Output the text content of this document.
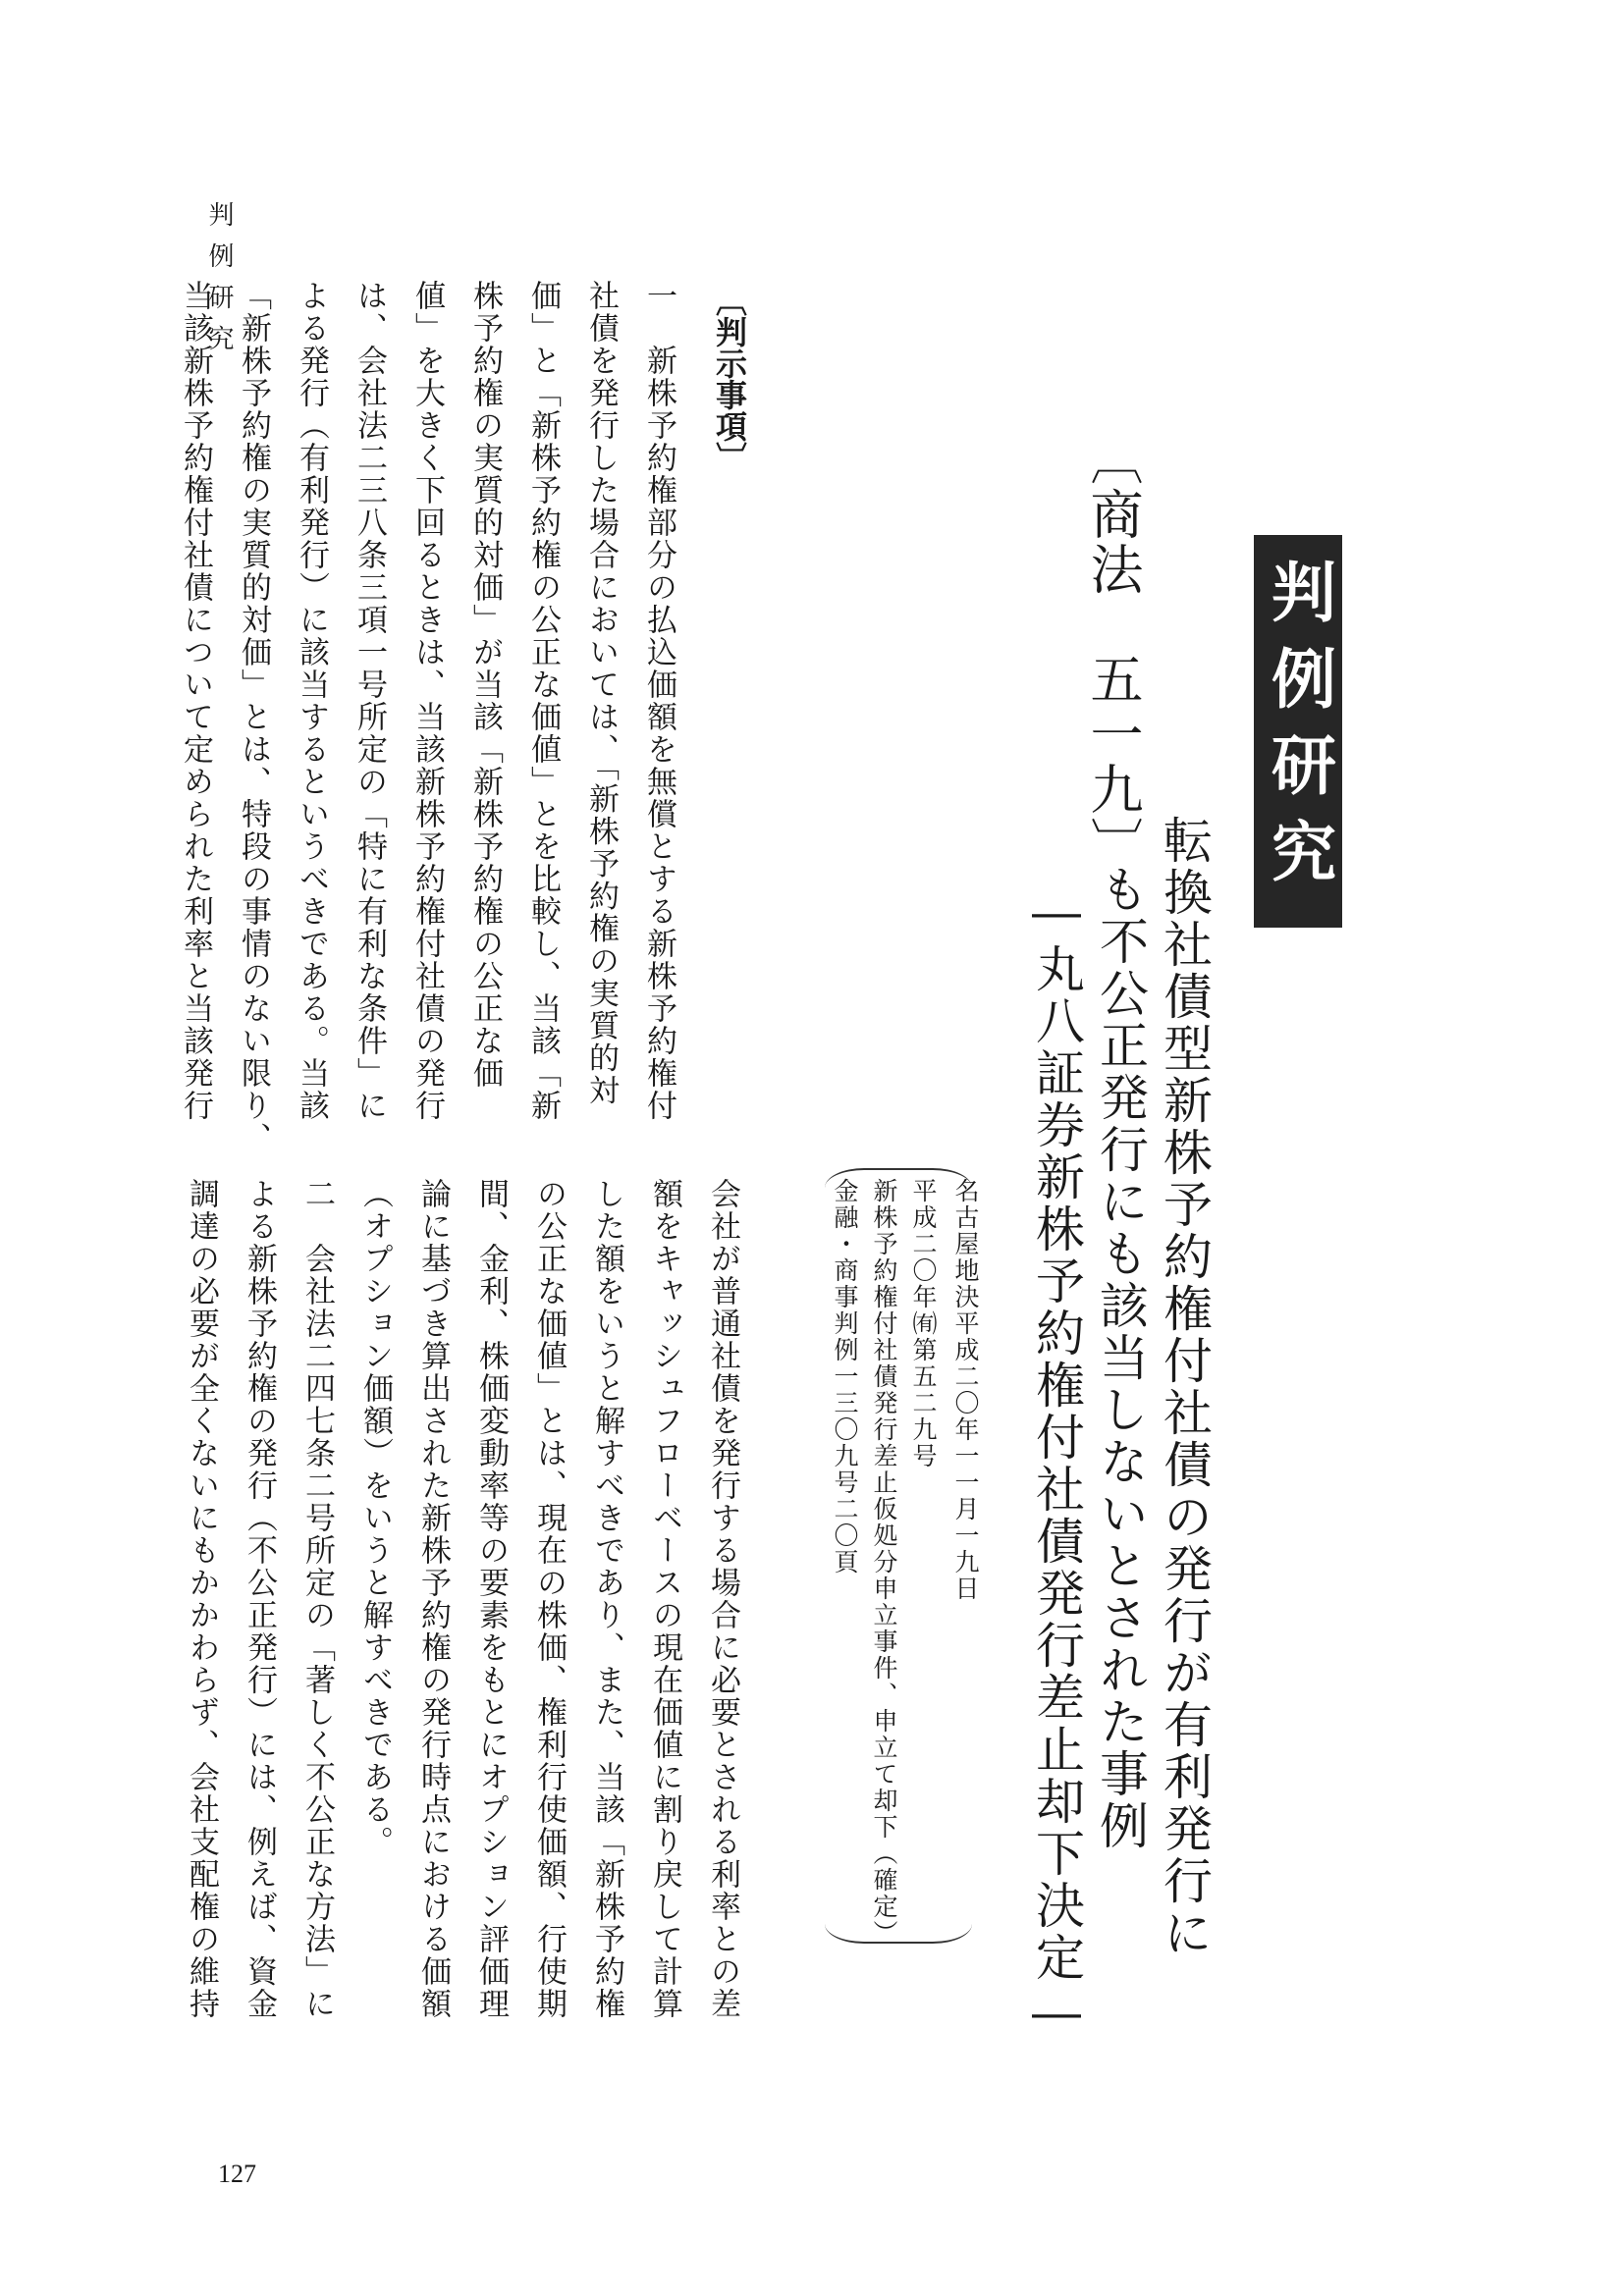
判例研究
判例研究
〔商法　五一九〕
転換社債型新株予約権付社債の発行が有利発行に
も不公正発行にも該当しないとされた事例
―丸八証券新株予約権付社債発行差止却下決定―
名古屋地決平成二〇年一一月一九日
平成二〇年㈲第五二九号
新株予約権付社債発行差止仮処分申立事件、申立て却下（確定）
金融・商事判例一三〇九号二〇頁
〔判示事項〕
一　新株予約権部分の払込価額を無償とする新株予約権付
社債を発行した場合においては、「新株予約権の実質的対
価」と「新株予約権の公正な価値」とを比較し、当該「新
株予約権の実質的対価」が当該「新株予約権の公正な価
値」を大きく下回るときは、当該新株予約権付社債の発行
は、会社法二三八条三項一号所定の「特に有利な条件」に
よる発行（有利発行）に該当するというべきである。当該
「新株予約権の実質的対価」とは、特段の事情のない限り、
当該新株予約権付社債について定められた利率と当該発行
会社が普通社債を発行する場合に必要とされる利率との差
額をキャッシュフローベースの現在価値に割り戻して計算
した額をいうと解すべきであり、また、当該「新株予約権
の公正な価値」とは、現在の株価、権利行使価額、行使期
間、金利、株価変動率等の要素をもとにオプション評価理
論に基づき算出された新株予約権の発行時点における価額
（オプション価額）をいうと解すべきである。
二　会社法二四七条二号所定の「著しく不公正な方法」に
よる新株予約権の発行（不公正発行）には、例えば、資金
調達の必要が全くないにもかかわらず、会社支配権の維持
127
